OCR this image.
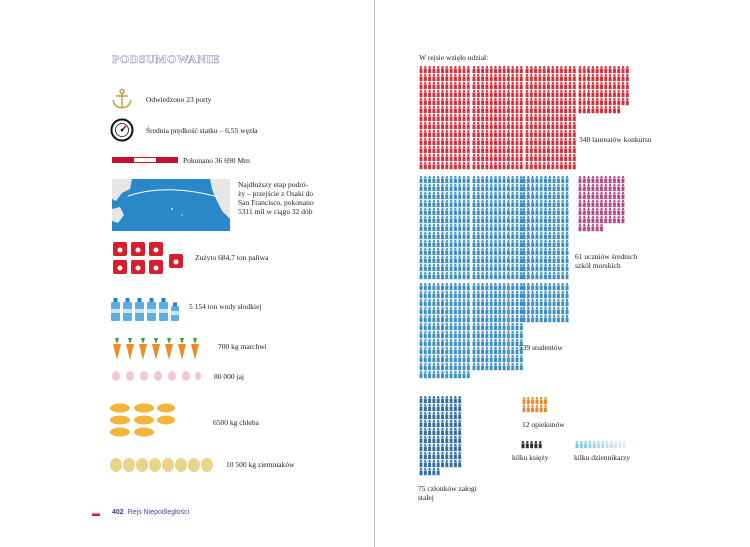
PODSUMOWANIE
Odwiedzono 23 porty
Średnia prędkość statku – 6,55 węzła
Pokonano 36 690 Mm
Najdłuższy etap podró-
ży – przejście z Osaki do
San Francisco, pokonano
5311 mil w ciągu 32 dób
Zużyto 684,7 ton paliwa
5 154 ton wody słodkiej
700 kg marchwi
80 000 jaj
6500 kg chleba
10 500 kg ziemniaków
402 Rejs Niepodległości
W rejsie wzięło udział:
348 laureatów konkursu
61 uczniów średnich
szkół morskich
539 studentów
75 członków załogi
stałej
12 opiekunów
kilku księży	kilku dziennikarzy
